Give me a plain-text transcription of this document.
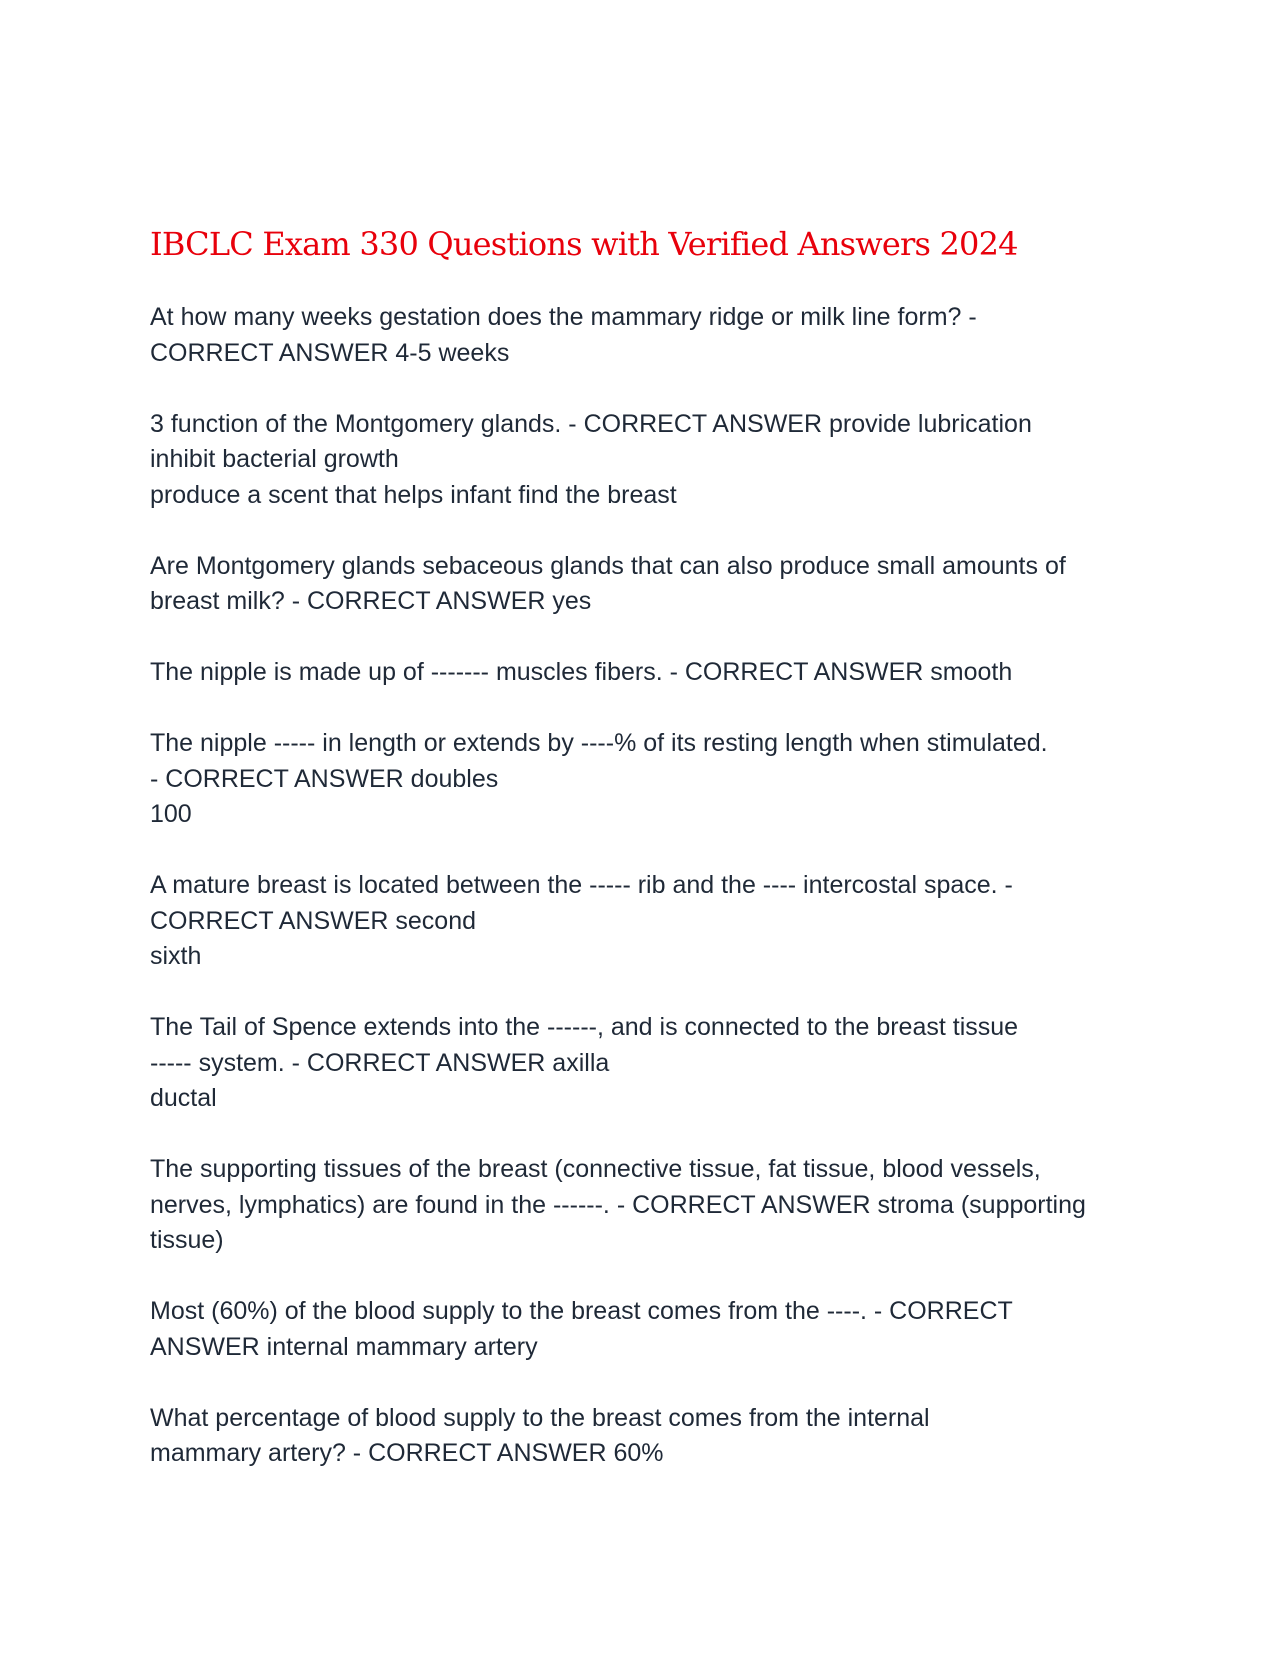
IBCLC Exam 330 Questions with Verified Answers 2024

At how many weeks gestation does the mammary ridge or milk line form? -
CORRECT ANSWER 4-5 weeks

3 function of the Montgomery glands. - CORRECT ANSWER provide lubrication
inhibit bacterial growth
produce a scent that helps infant find the breast

Are Montgomery glands sebaceous glands that can also produce small amounts of
breast milk? - CORRECT ANSWER yes

The nipple is made up of ------- muscles fibers. - CORRECT ANSWER smooth

The nipple ----- in length or extends by ----% of its resting length when stimulated.
- CORRECT ANSWER doubles
100

A mature breast is located between the ----- rib and the ---- intercostal space. -
CORRECT ANSWER second
sixth

The Tail of Spence extends into the ------, and is connected to the breast tissue
----- system. - CORRECT ANSWER axilla
ductal

The supporting tissues of the breast (connective tissue, fat tissue, blood vessels,
nerves, lymphatics) are found in the ------. - CORRECT ANSWER stroma (supporting
tissue)

Most (60%) of the blood supply to the breast comes from the ----. - CORRECT
ANSWER internal mammary artery

What percentage of blood supply to the breast comes from the internal
mammary artery? - CORRECT ANSWER 60%
